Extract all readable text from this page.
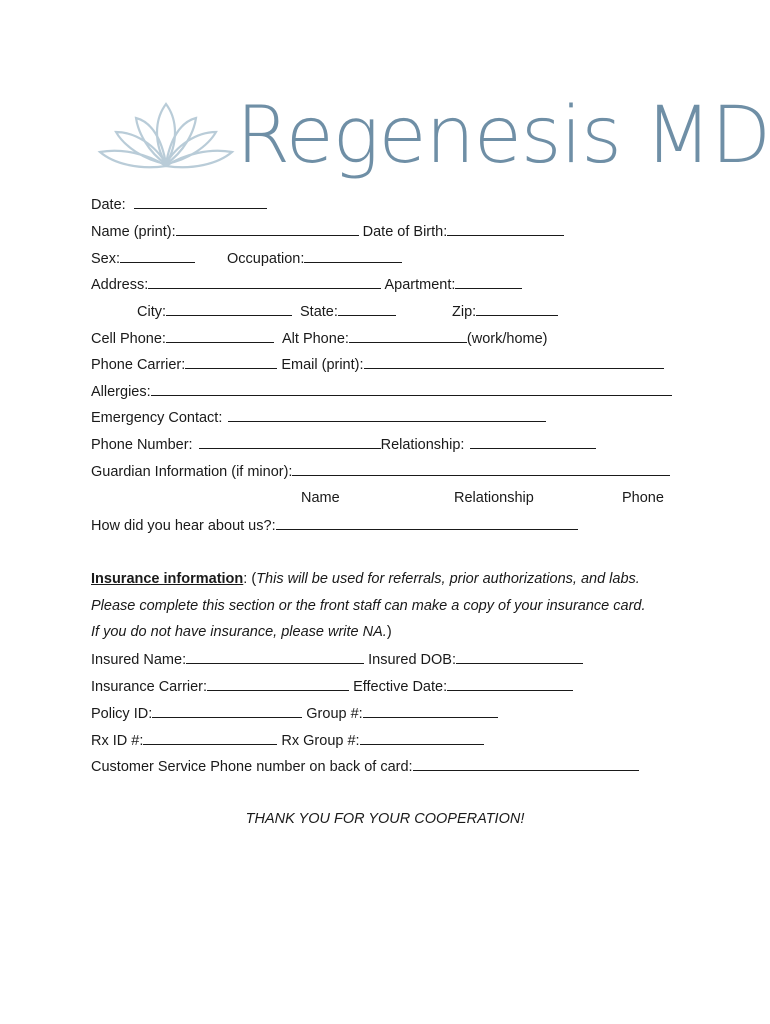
Regenesis MD
Date:
Name (print):	Date of Birth:
Sex:	Occupation:
Address:	Apartment:
City:	State:	Zip:
Cell Phone:	Alt Phone:	(work/home)
Phone Carrier:	Email (print):
Allergies:
Emergency Contact:
Phone Number:	Relationship:
Guardian Information (if minor):
Name	Relationship	Phone
How did you hear about us?:
Insurance information: (This will be used for referrals, prior authorizations, and labs.
Please complete this section or the front staff can make a copy of your insurance card.
If you do not have insurance, please write NA.)
Insured Name:	Insured DOB:
Insurance Carrier:	Effective Date:
Policy ID:	Group #:
Rx ID #:	Rx Group #:
Customer Service Phone number on back of card:
THANK YOU FOR YOUR COOPERATION!
